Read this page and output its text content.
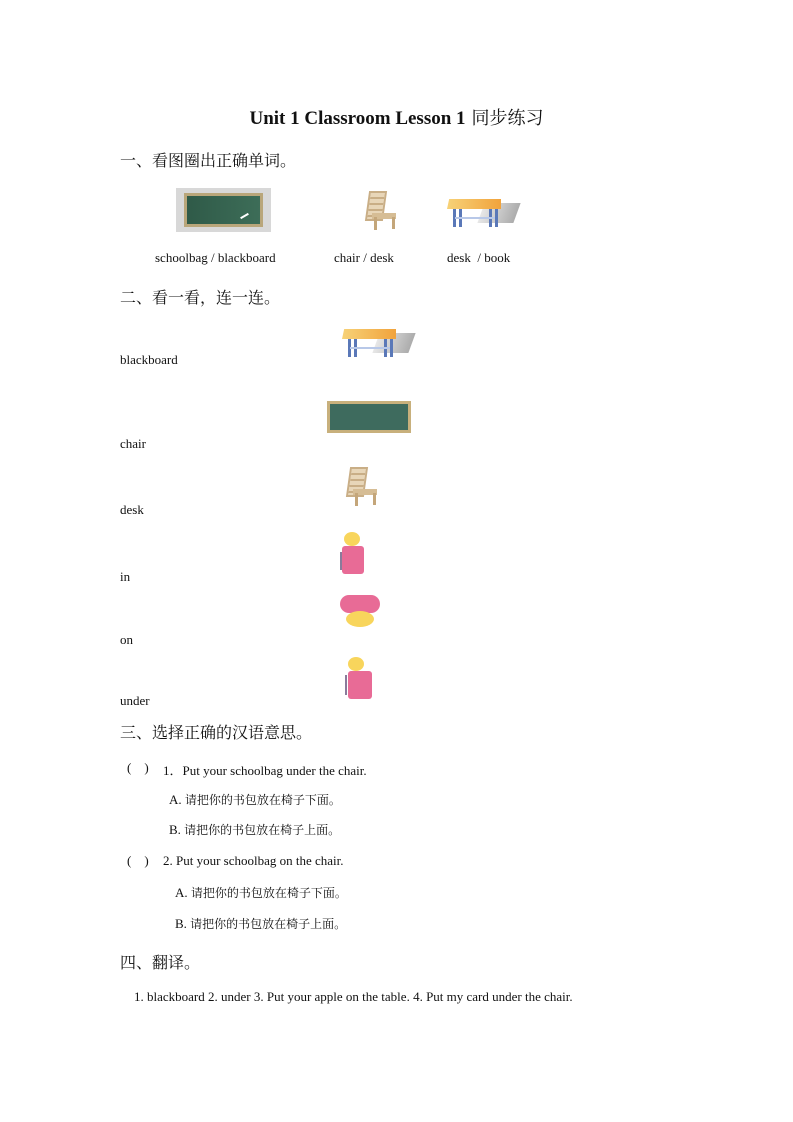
Unit 1 Classroom Lesson 1 同步练习
一、看图圈出正确单词。
schoolbag / blackboard	chair / desk	desk  / book
二、看一看，连一连。
blackboard
chair
desk
in
on
under
三、选择正确的汉语意思。
(    ) 1．Put your schoolbag under the chair.
A. 请把你的书包放在椅子下面。
B. 请把你的书包放在椅子上面。
(    ) 2. Put your schoolbag on the chair.
A. 请把你的书包放在椅子下面。
B. 请把你的书包放在椅子上面。
四、翻译。
1. blackboard 2. under 3. Put your apple on the table. 4. Put my card under the chair.
